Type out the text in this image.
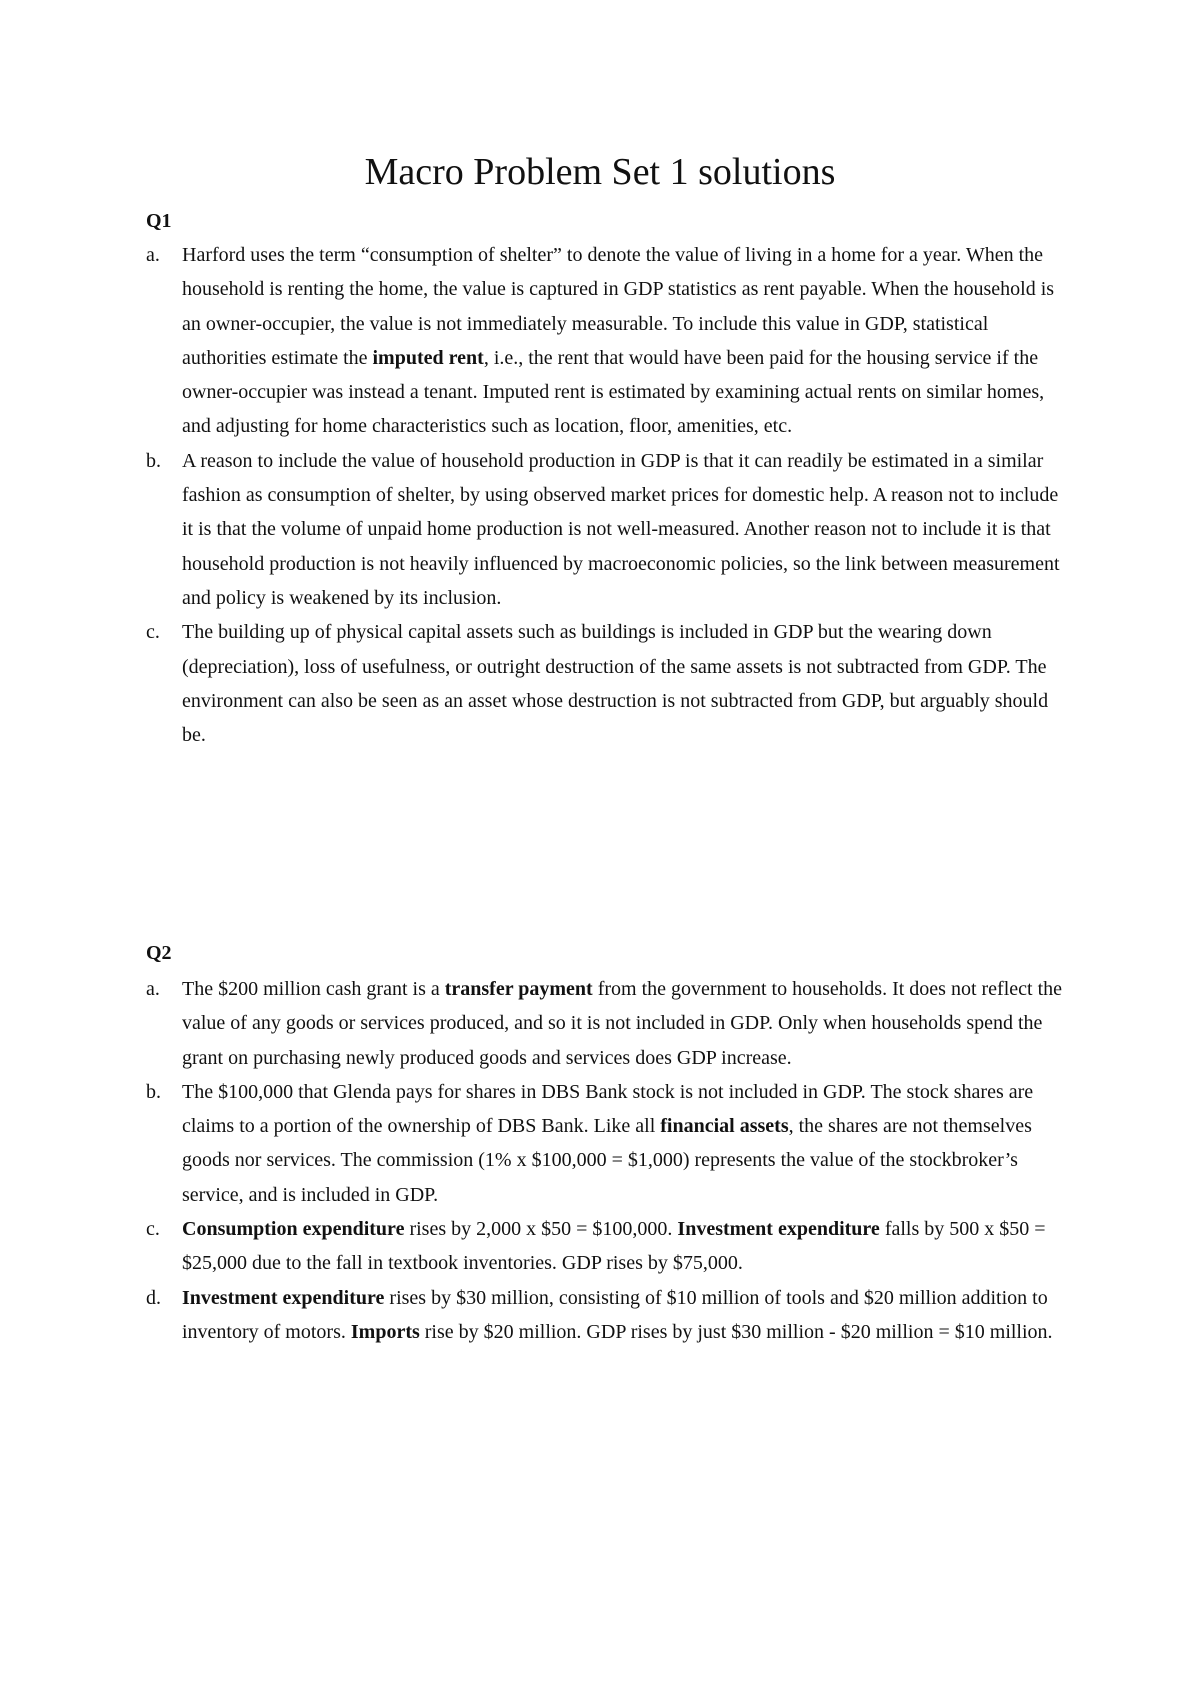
Macro Problem Set 1 solutions
Q1
a. Harford uses the term “consumption of shelter” to denote the value of living in a home for a year. When the household is renting the home, the value is captured in GDP statistics as rent payable. When the household is an owner-occupier, the value is not immediately measurable. To include this value in GDP, statistical authorities estimate the imputed rent, i.e., the rent that would have been paid for the housing service if the owner-occupier was instead a tenant. Imputed rent is estimated by examining actual rents on similar homes, and adjusting for home characteristics such as location, floor, amenities, etc.
b. A reason to include the value of household production in GDP is that it can readily be estimated in a similar fashion as consumption of shelter, by using observed market prices for domestic help. A reason not to include it is that the volume of unpaid home production is not well-measured. Another reason not to include it is that household production is not heavily influenced by macroeconomic policies, so the link between measurement and policy is weakened by its inclusion.
c. The building up of physical capital assets such as buildings is included in GDP but the wearing down (depreciation), loss of usefulness, or outright destruction of the same assets is not subtracted from GDP. The environment can also be seen as an asset whose destruction is not subtracted from GDP, but arguably should be.
Q2
a. The $200 million cash grant is a transfer payment from the government to households. It does not reflect the value of any goods or services produced, and so it is not included in GDP. Only when households spend the grant on purchasing newly produced goods and services does GDP increase.
b. The $100,000 that Glenda pays for shares in DBS Bank stock is not included in GDP. The stock shares are claims to a portion of the ownership of DBS Bank. Like all financial assets, the shares are not themselves goods nor services. The commission (1% x $100,000 = $1,000) represents the value of the stockbroker’s service, and is included in GDP.
c. Consumption expenditure rises by 2,000 x $50 = $100,000. Investment expenditure falls by 500 x $50 = $25,000 due to the fall in textbook inventories. GDP rises by $75,000.
d. Investment expenditure rises by $30 million, consisting of $10 million of tools and $20 million addition to inventory of motors. Imports rise by $20 million. GDP rises by just $30 million - $20 million = $10 million.
